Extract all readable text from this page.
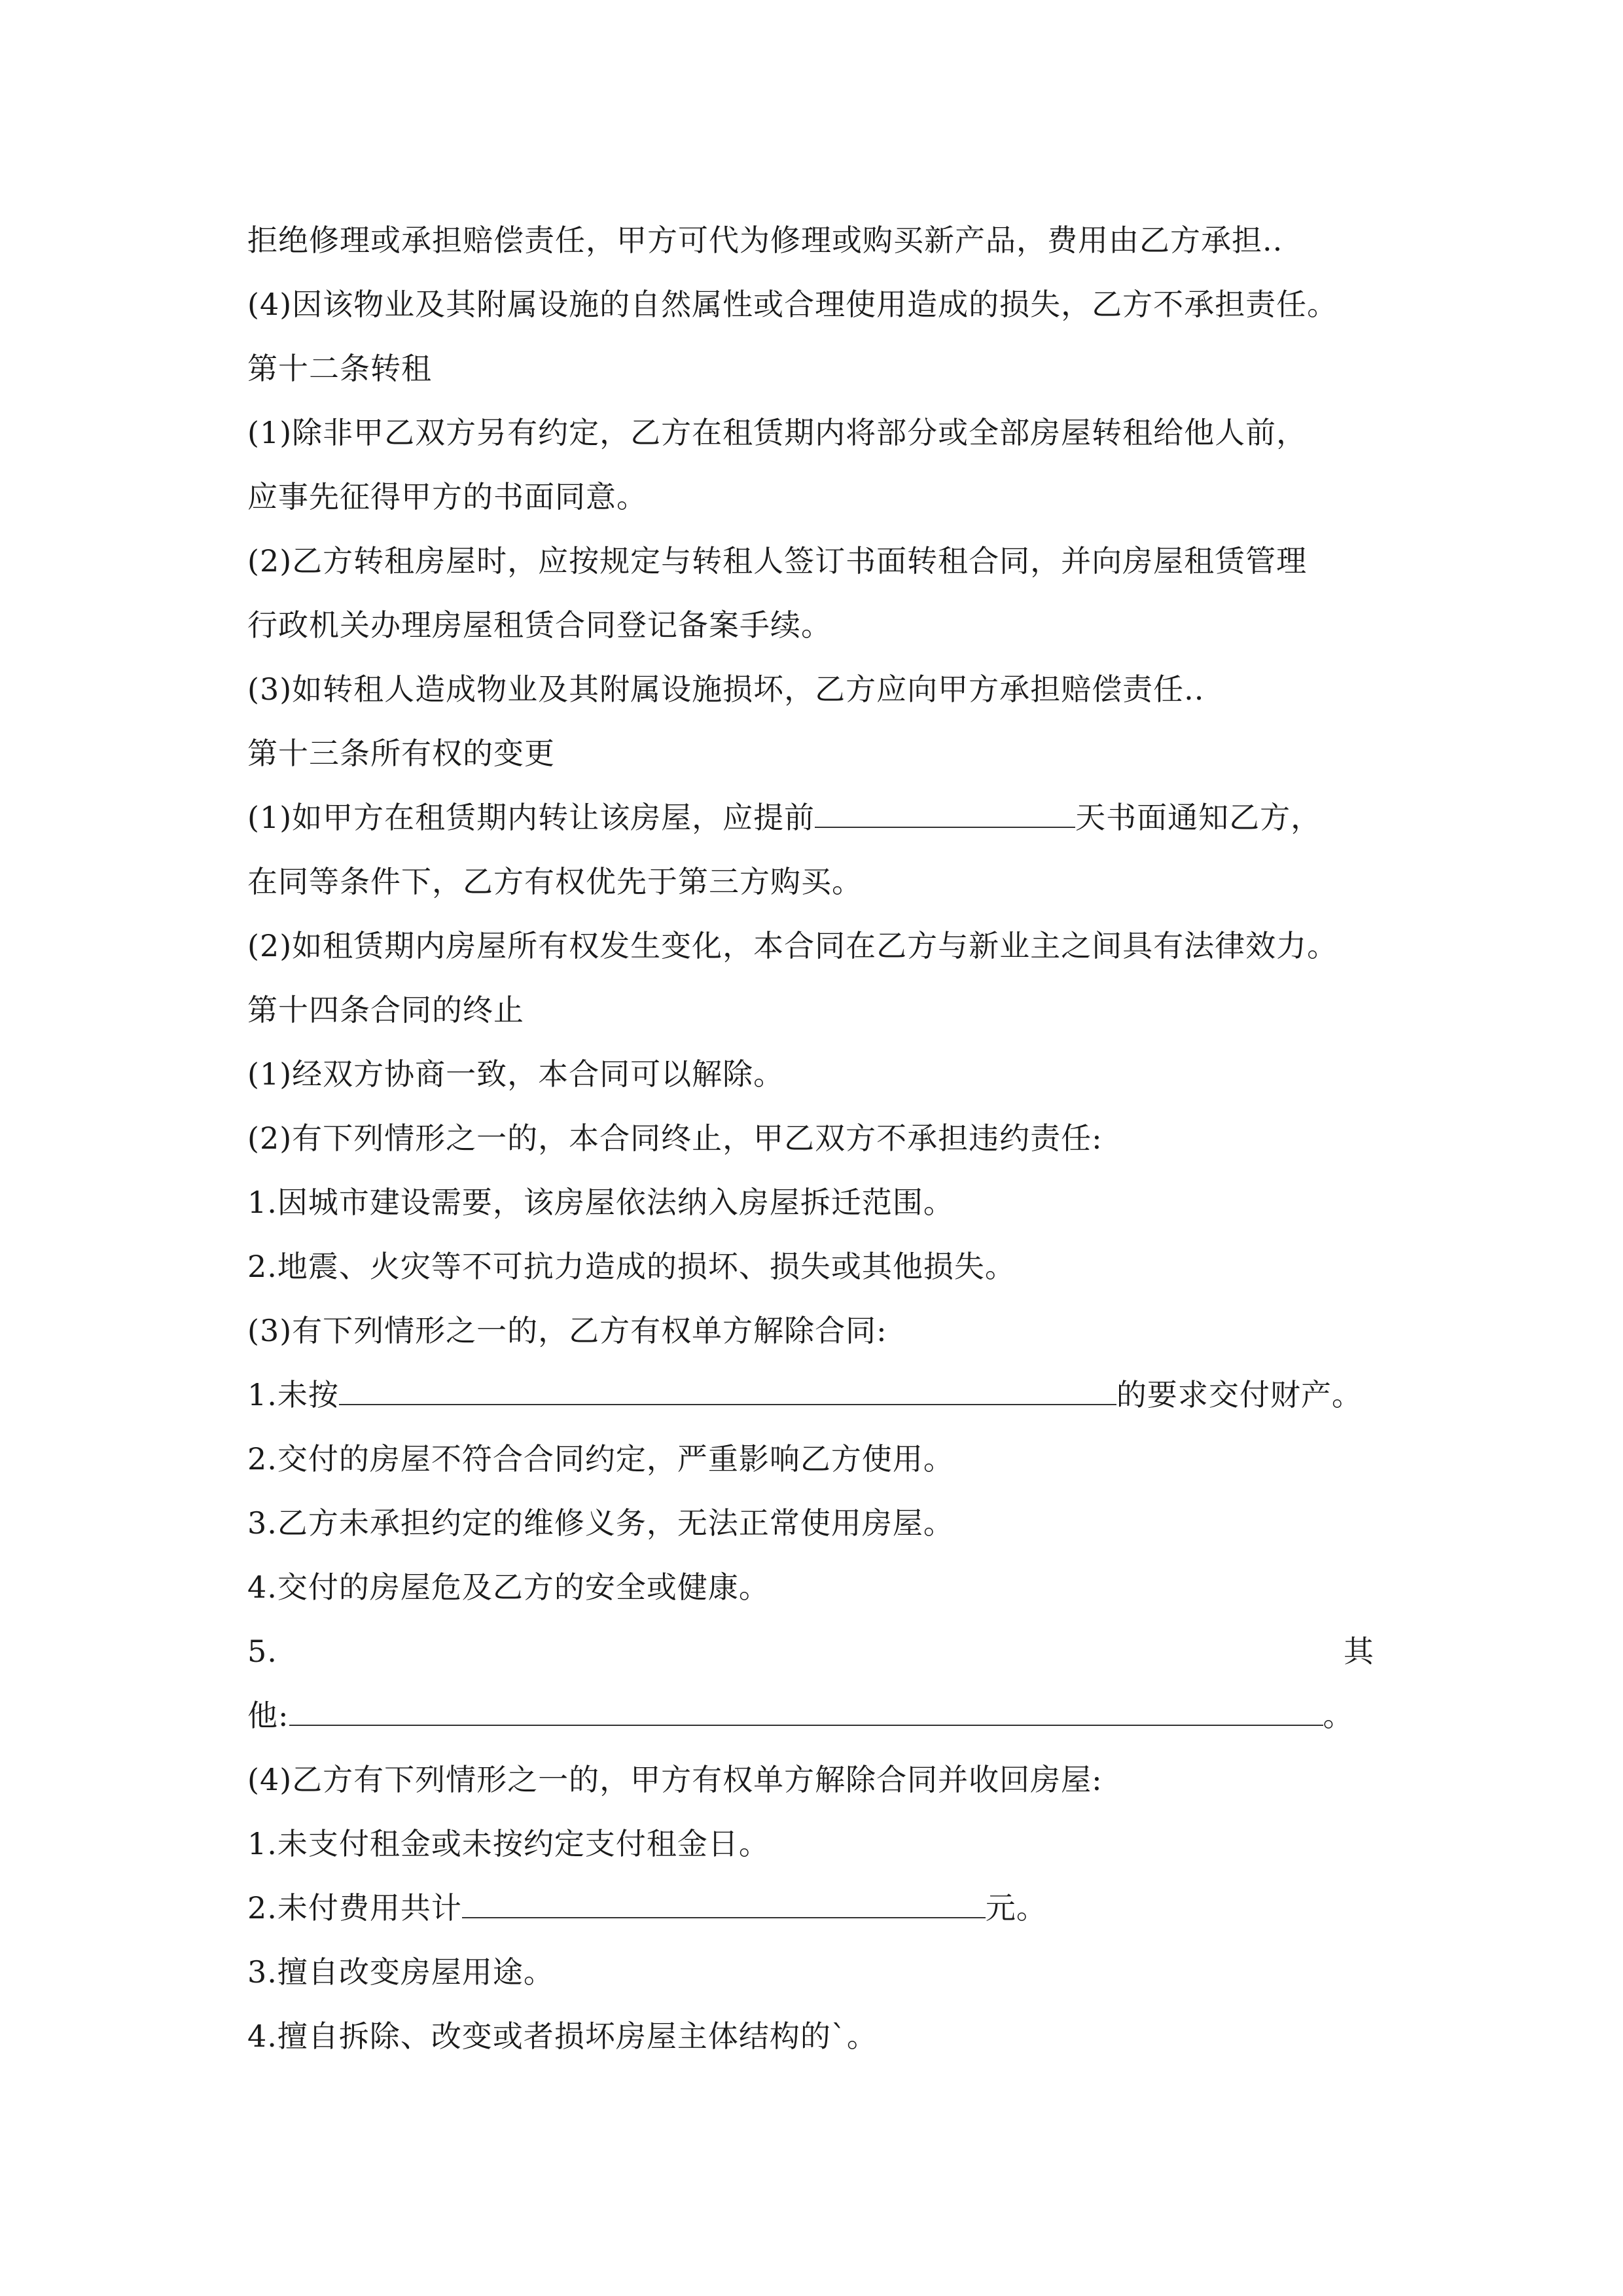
拒绝修理或承担赔偿责任，甲方可代为修理或购买新产品，费用由乙方承担..
(4)因该物业及其附属设施的自然属性或合理使用造成的损失，乙方不承担责任。
第十二条转租
(1)除非甲乙双方另有约定，乙方在租赁期内将部分或全部房屋转租给他人前，
应事先征得甲方的书面同意。
(2)乙方转租房屋时，应按规定与转租人签订书面转租合同，并向房屋租赁管理
行政机关办理房屋租赁合同登记备案手续。
(3)如转租人造成物业及其附属设施损坏，乙方应向甲方承担赔偿责任..
第十三条所有权的变更
(1)如甲方在租赁期内转让该房屋，应提前	天书面通知乙方，
在同等条件下，乙方有权优先于第三方购买。
(2)如租赁期内房屋所有权发生变化，本合同在乙方与新业主之间具有法律效力。
第十四条合同的终止
(1)经双方协商一致，本合同可以解除。
(2)有下列情形之一的，本合同终止，甲乙双方不承担违约责任:
1.因城市建设需要，该房屋依法纳入房屋拆迁范围。
2.地震、火灾等不可抗力造成的损坏、损失或其他损失。
(3)有下列情形之一的，乙方有权单方解除合同:
1.未按	的要求交付财产。
2.交付的房屋不符合合同约定，严重影响乙方使用。
3.乙方未承担约定的维修义务，无法正常使用房屋。
4.交付的房屋危及乙方的安全或健康。
5.	其
他:	。
(4)乙方有下列情形之一的，甲方有权单方解除合同并收回房屋:
1.未支付租金或未按约定支付租金日。
2.未付费用共计	元。
3.擅自改变房屋用途。
4.擅自拆除、改变或者损坏房屋主体结构的`。
